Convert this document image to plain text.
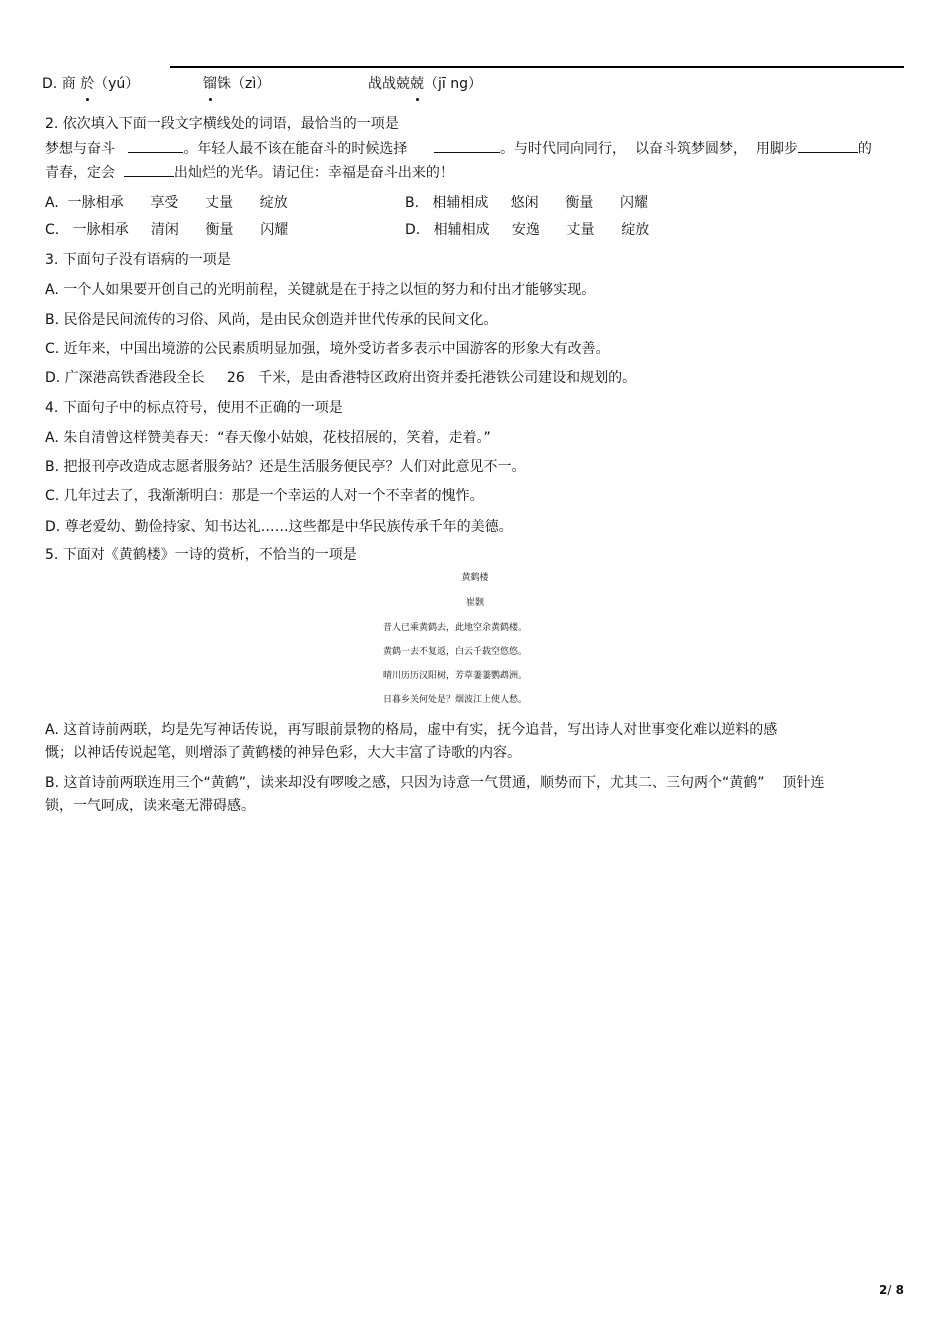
D. 商 於（yú）	镏铢（zì）	战战兢兢（jī ng）
2. 依次填入下面一段文字横线处的词语，最恰当的一项是
梦想与奋斗	。年轻人最不该在能奋斗的时候选择	。与时代同向同行，  以奋斗筑梦圆梦，  用脚步	的
青春，定会	出灿烂的光华。请记住：幸福是奋斗出来的！
A.  一脉相承      享受      丈量      绽放	B.   相辅相成     悠闲      衡量      闪耀
C.   一脉相承     清闲      衡量      闪耀	D.   相辅相成     安逸      丈量      绽放
3. 下面句子没有语病的一项是
A. 一个人如果要开创自己的光明前程，关键就是在于持之以恒的努力和付出才能够实现。
B. 民俗是民间流传的习俗、风尚，是由民众创造并世代传承的民间文化。
C. 近年来，中国出境游的公民素质明显加强，境外受访者多表示中国游客的形象大有改善。
D. 广深港高铁香港段全长     26   千米，是由香港特区政府出资并委托港铁公司建设和规划的。
4. 下面句子中的标点符号，使用不正确的一项是
A. 朱自清曾这样赞美春天：“春天像小姑娘，花枝招展的，笑着，走着。”
B. 把报刊亭改造成志愿者服务站？还是生活服务便民亭？人们对此意见不一。
C. 几年过去了，我渐渐明白：那是一个幸运的人对一个不幸者的愧怍。
D. 尊老爱幼、勤俭持家、知书达礼……这些都是中华民族传承千年的美德。
5. 下面对《黄鹤楼》一诗的赏析，不恰当的一项是
黄鹤楼
崔颢
昔人已乘黄鹤去，此地空余黄鹤楼。
黄鹤一去不复返，白云千载空悠悠。
晴川历历汉阳树，芳草萋萋鹦鹉洲。
日暮乡关何处是？烟波江上使人愁。
A. 这首诗前两联，均是先写神话传说，再写眼前景物的格局，虚中有实，抚今追昔，写出诗人对世事变化难以逆料的感
慨；以神话传说起笔，则增添了黄鹤楼的神异色彩，大大丰富了诗歌的内容。
B. 这首诗前两联连用三个“黄鹤”，读来却没有啰唆之感，只因为诗意一气贯通，顺势而下，尤其二、三句两个“黄鹤”    顶针连
锁，一气呵成，读来毫无滞碍感。
2/ 8
